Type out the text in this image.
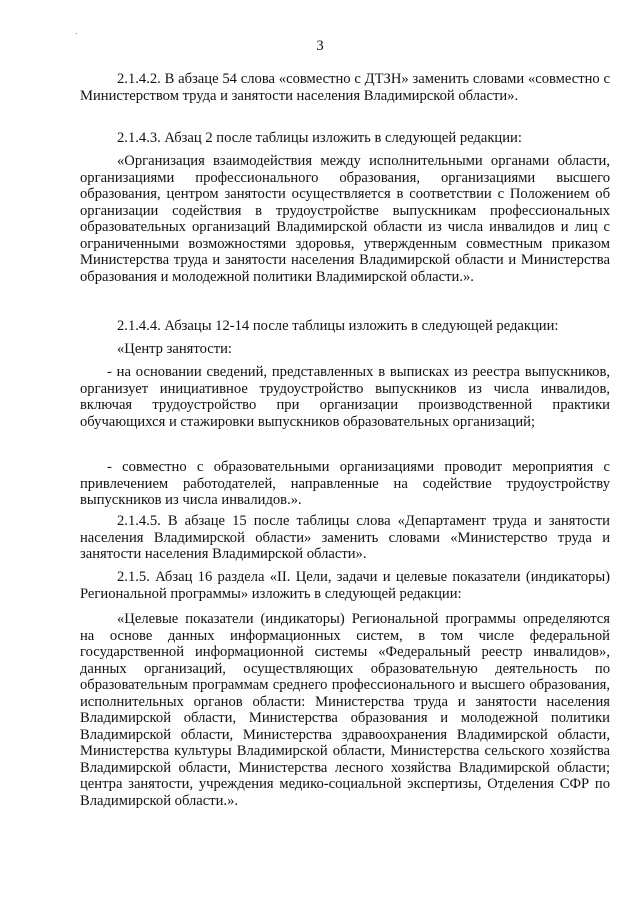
3

2.1.4.2. В абзаце 54 слова «совместно с ДТЗН» заменить словами «совместно с Министерством труда и занятости населения Владимирской области».

2.1.4.3. Абзац 2 после таблицы изложить в следующей редакции:

«Организация взаимодействия между исполнительными органами области, организациями профессионального образования, организациями высшего образования, центром занятости осуществляется в соответствии с Положением об организации содействия в трудоустройстве выпускникам профессиональных образовательных организаций Владимирской области из числа инвалидов и лиц с ограниченными возможностями здоровья, утвержденным совместным приказом Министерства труда и занятости населения Владимирской области и Министерства образования и молодежной политики Владимирской области.».

2.1.4.4. Абзацы 12-14 после таблицы изложить в следующей редакции:

«Центр занятости:

- на основании сведений, представленных в выписках из реестра выпускников, организует инициативное трудоустройство выпускников из числа инвалидов, включая трудоустройство при организации производственной практики обучающихся и стажировки выпускников образовательных организаций;

- совместно с образовательными организациями проводит мероприятия с привлечением работодателей, направленные на содействие трудоустройству выпускников из числа инвалидов.».

2.1.4.5. В абзаце 15 после таблицы слова «Департамент труда и занятости населения Владимирской области» заменить словами «Министерство труда и занятости населения Владимирской области».

2.1.5. Абзац 16 раздела «II. Цели, задачи и целевые показатели (индикаторы) Региональной программы» изложить в следующей редакции:

«Целевые показатели (индикаторы) Региональной программы определяются на основе данных информационных систем, в том числе федеральной государственной информационной системы «Федеральный реестр инвалидов», данных организаций, осуществляющих образовательную деятельность по образовательным программам среднего профессионального и высшего образования, исполнительных органов области: Министерства труда и занятости населения Владимирской области, Министерства образования и молодежной политики Владимирской области, Министерства здравоохранения Владимирской области, Министерства культуры Владимирской области, Министерства сельского хозяйства Владимирской области, Министерства лесного хозяйства Владимирской области; центра занятости, учреждения медико-социальной экспертизы, Отделения СФР по Владимирской области.».
